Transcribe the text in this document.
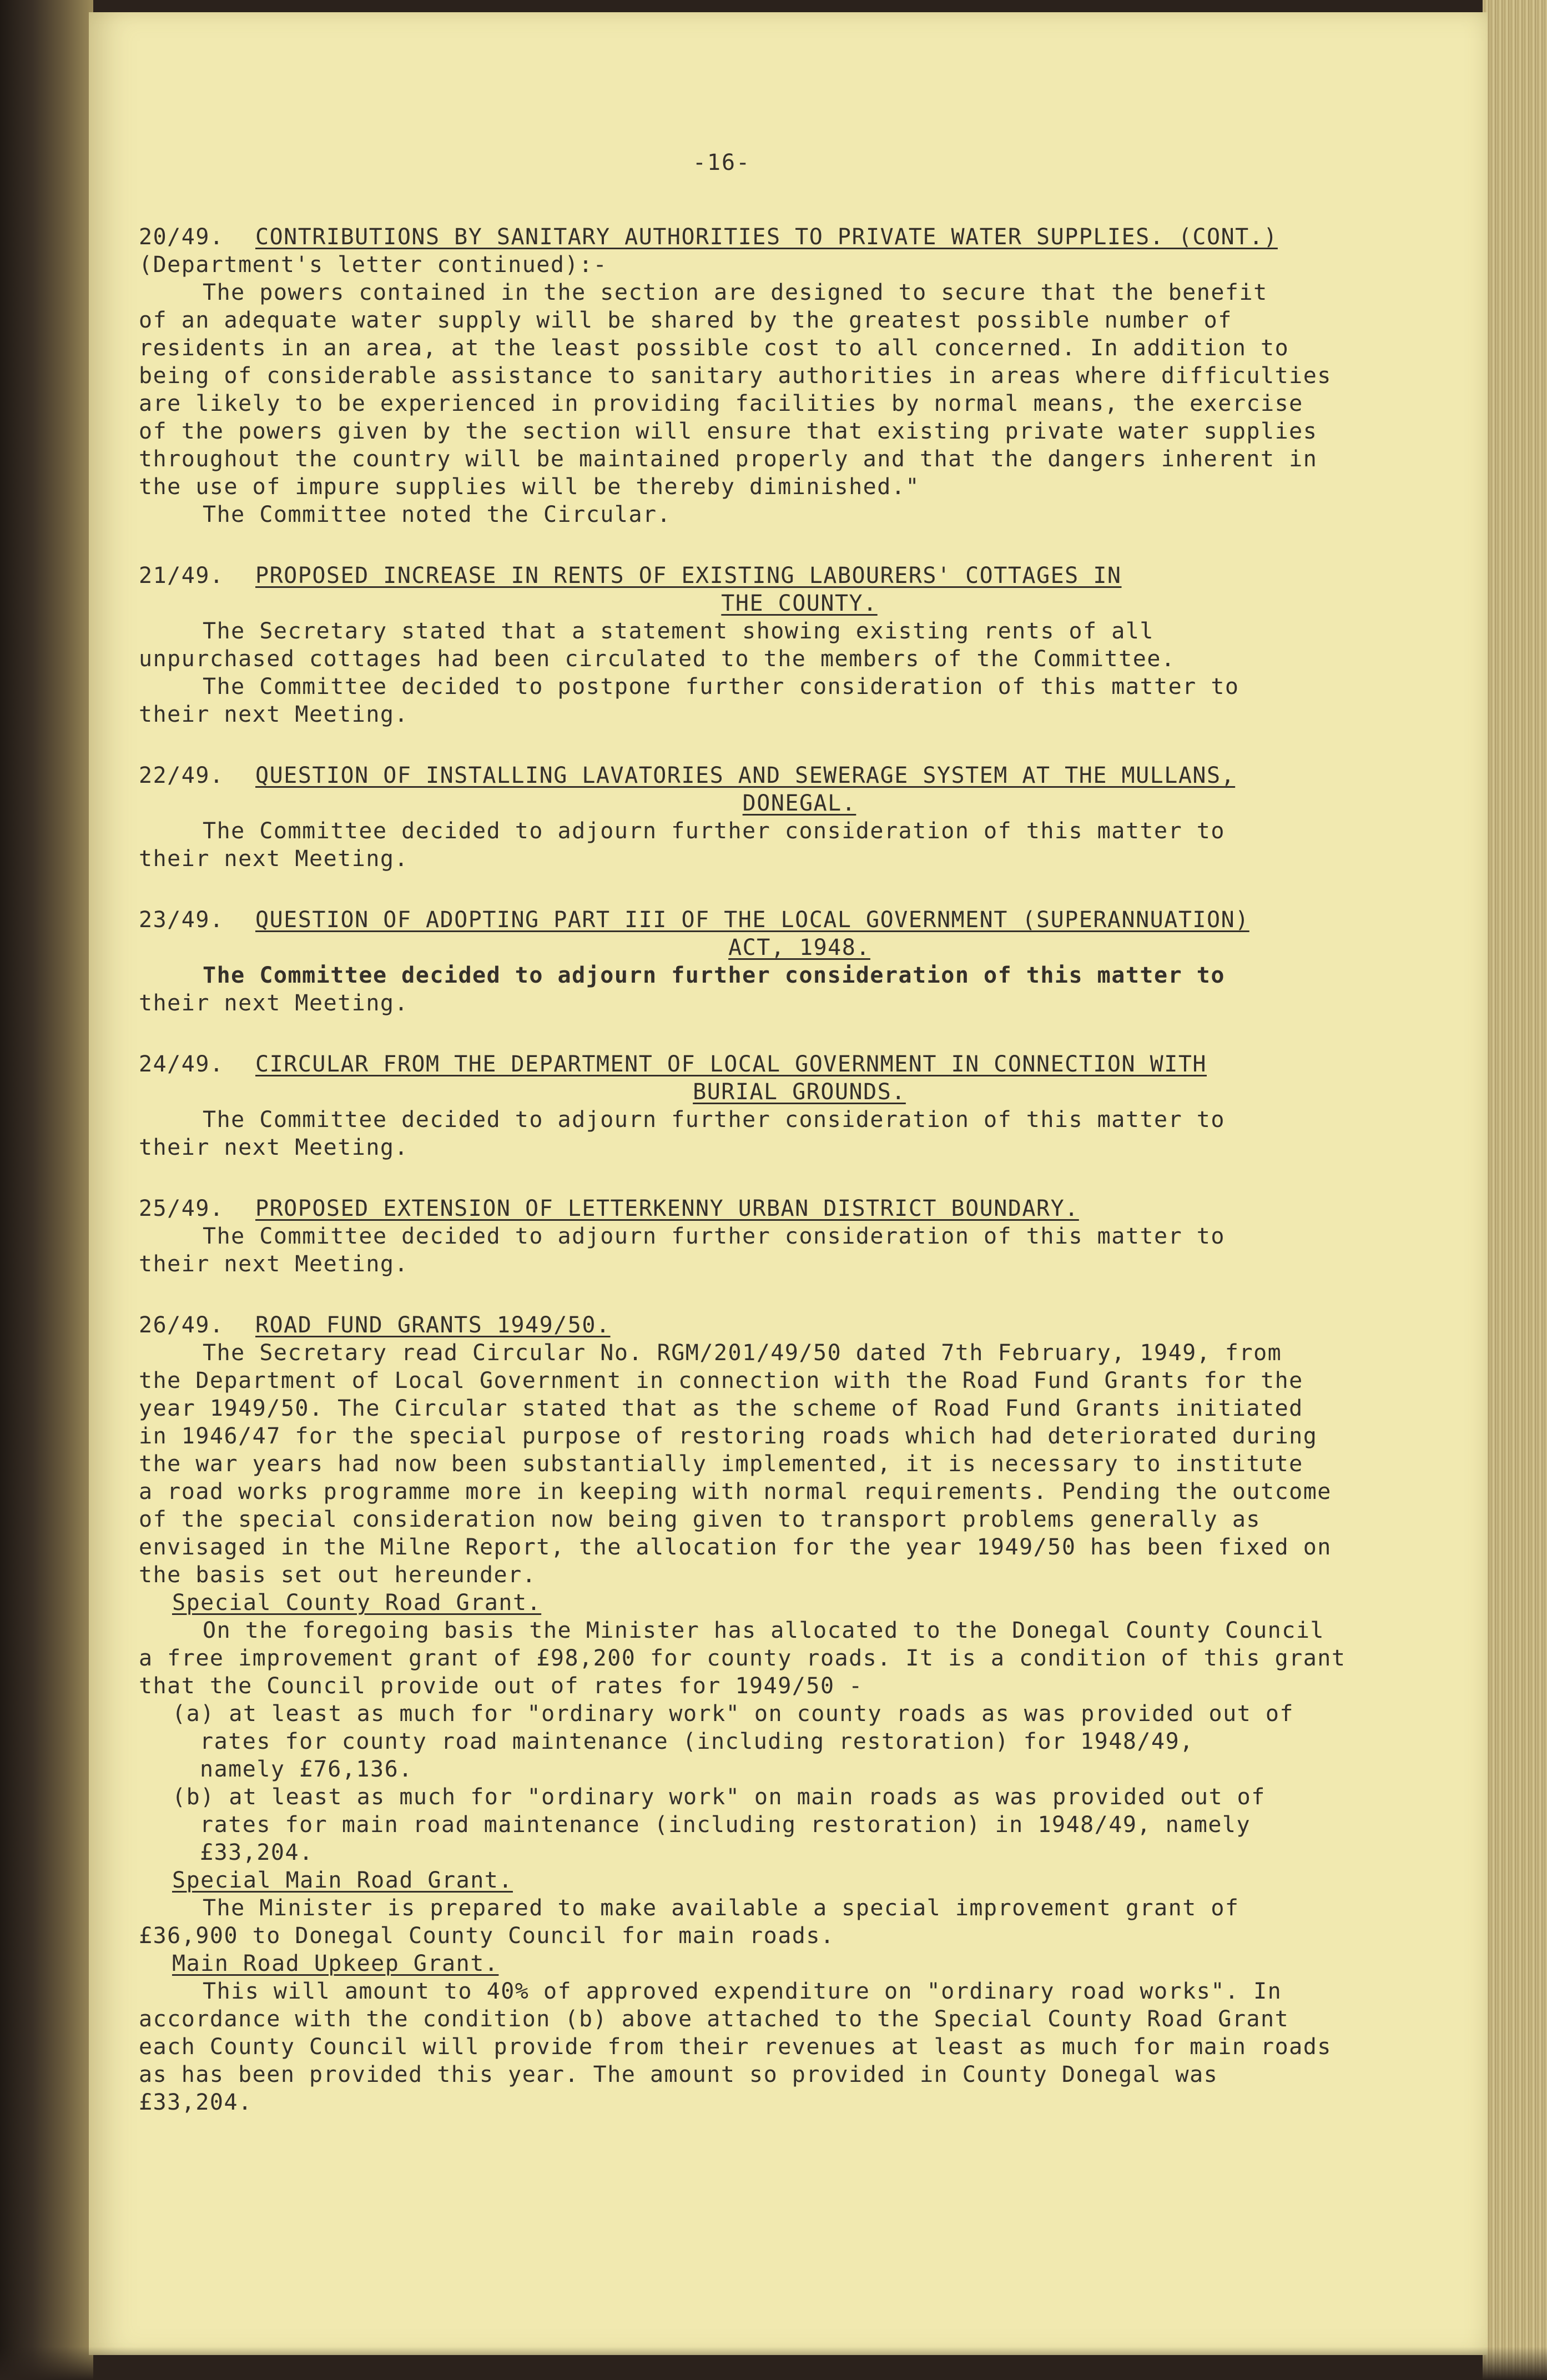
-16-
20/49. CONTRIBUTIONS BY SANITARY AUTHORITIES TO PRIVATE WATER SUPPLIES. (CONT.)
(Department's letter continued):-
The powers contained in the section are designed to secure that the benefit
of an adequate water supply will be shared by the greatest possible number of
residents in an area, at the least possible cost to all concerned. In addition to
being of considerable assistance to sanitary authorities in areas where difficulties
are likely to be experienced in providing facilities by normal means, the exercise
of the powers given by the section will ensure that existing private water supplies
throughout the country will be maintained properly and that the dangers inherent in
the use of impure supplies will be thereby diminished."
The Committee noted the Circular.
21/49. PROPOSED INCREASE IN RENTS OF EXISTING LABOURERS' COTTAGES IN
THE COUNTY.
The Secretary stated that a statement showing existing rents of all
unpurchased cottages had been circulated to the members of the Committee.
The Committee decided to postpone further consideration of this matter to
their next Meeting.
22/49. QUESTION OF INSTALLING LAVATORIES AND SEWERAGE SYSTEM AT THE MULLANS,
DONEGAL.
The Committee decided to adjourn further consideration of this matter to
their next Meeting.
23/49. QUESTION OF ADOPTING PART III OF THE LOCAL GOVERNMENT (SUPERANNUATION)
ACT, 1948.
The Committee decided to adjourn further consideration of this matter to
their next Meeting.
24/49. CIRCULAR FROM THE DEPARTMENT OF LOCAL GOVERNMENT IN CONNECTION WITH
BURIAL GROUNDS.
The Committee decided to adjourn further consideration of this matter to
their next Meeting.
25/49. PROPOSED EXTENSION OF LETTERKENNY URBAN DISTRICT BOUNDARY.
The Committee decided to adjourn further consideration of this matter to
their next Meeting.
26/49. ROAD FUND GRANTS 1949/50.
The Secretary read Circular No. RGM/201/49/50 dated 7th February, 1949, from
the Department of Local Government in connection with the Road Fund Grants for the
year 1949/50. The Circular stated that as the scheme of Road Fund Grants initiated
in 1946/47 for the special purpose of restoring roads which had deteriorated during
the war years had now been substantially implemented, it is necessary to institute
a road works programme more in keeping with normal requirements. Pending the outcome
of the special consideration now being given to transport problems generally as
envisaged in the Milne Report, the allocation for the year 1949/50 has been fixed on
the basis set out hereunder.
Special County Road Grant.
On the foregoing basis the Minister has allocated to the Donegal County Council
a free improvement grant of £98,200 for county roads. It is a condition of this grant
that the Council provide out of rates for 1949/50 -
(a) at least as much for "ordinary work" on county roads as was provided out of
rates for county road maintenance (including restoration) for 1948/49,
namely £76,136.
(b) at least as much for "ordinary work" on main roads as was provided out of
rates for main road maintenance (including restoration) in 1948/49, namely
£33,204.
Special Main Road Grant.
The Minister is prepared to make available a special improvement grant of
£36,900 to Donegal County Council for main roads.
Main Road Upkeep Grant.
This will amount to 40% of approved expenditure on "ordinary road works". In
accordance with the condition (b) above attached to the Special County Road Grant
each County Council will provide from their revenues at least as much for main roads
as has been provided this year. The amount so provided in County Donegal was
£33,204.
